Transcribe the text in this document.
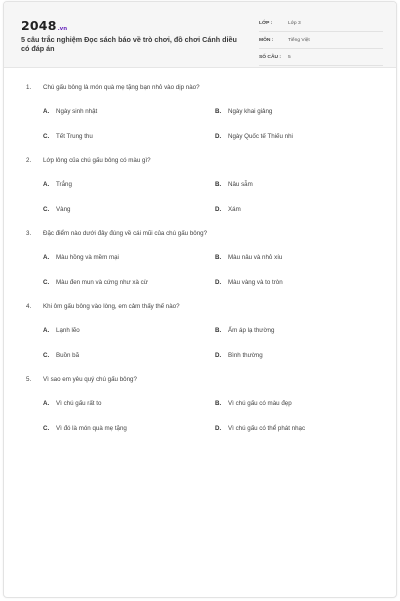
2048 .vn
5 câu trắc nghiệm Đọc sách báo về trò chơi, đồ chơi Cánh diều có đáp án
LỚP :	Lớp 3
MÔN :	Tiếng Việt
SỐ CÂU :	5
1.	Chú gấu bông là món quà mẹ tặng bạn nhỏ vào dịp nào?
A.	Ngày sinh nhật	B.	Ngày khai giảng
C.	Tết Trung thu	D.	Ngày Quốc tế Thiếu nhi
2.	Lớp lông của chú gấu bông có màu gì?
A.	Trắng	B.	Nâu sẫm
C.	Vàng	D.	Xám
3.	Đặc điểm nào dưới đây đúng về cái mũi của chú gấu bông?
A.	Màu hồng và mềm mại	B.	Màu nâu và nhỏ xíu
C.	Màu đen mun và cứng như xà cừ	D.	Màu vàng và to tròn
4.	Khi ôm gấu bông vào lòng, em cảm thấy thế nào?
A.	Lạnh lẽo	B.	Ấm áp lạ thường
C.	Buồn bã	D.	Bình thường
5.	Vì sao em yêu quý chú gấu bông?
A.	Vì chú gấu rất to	B.	Vì chú gấu có màu đẹp
C.	Vì đó là món quà mẹ tặng	D.	Vì chú gấu có thể phát nhạc
